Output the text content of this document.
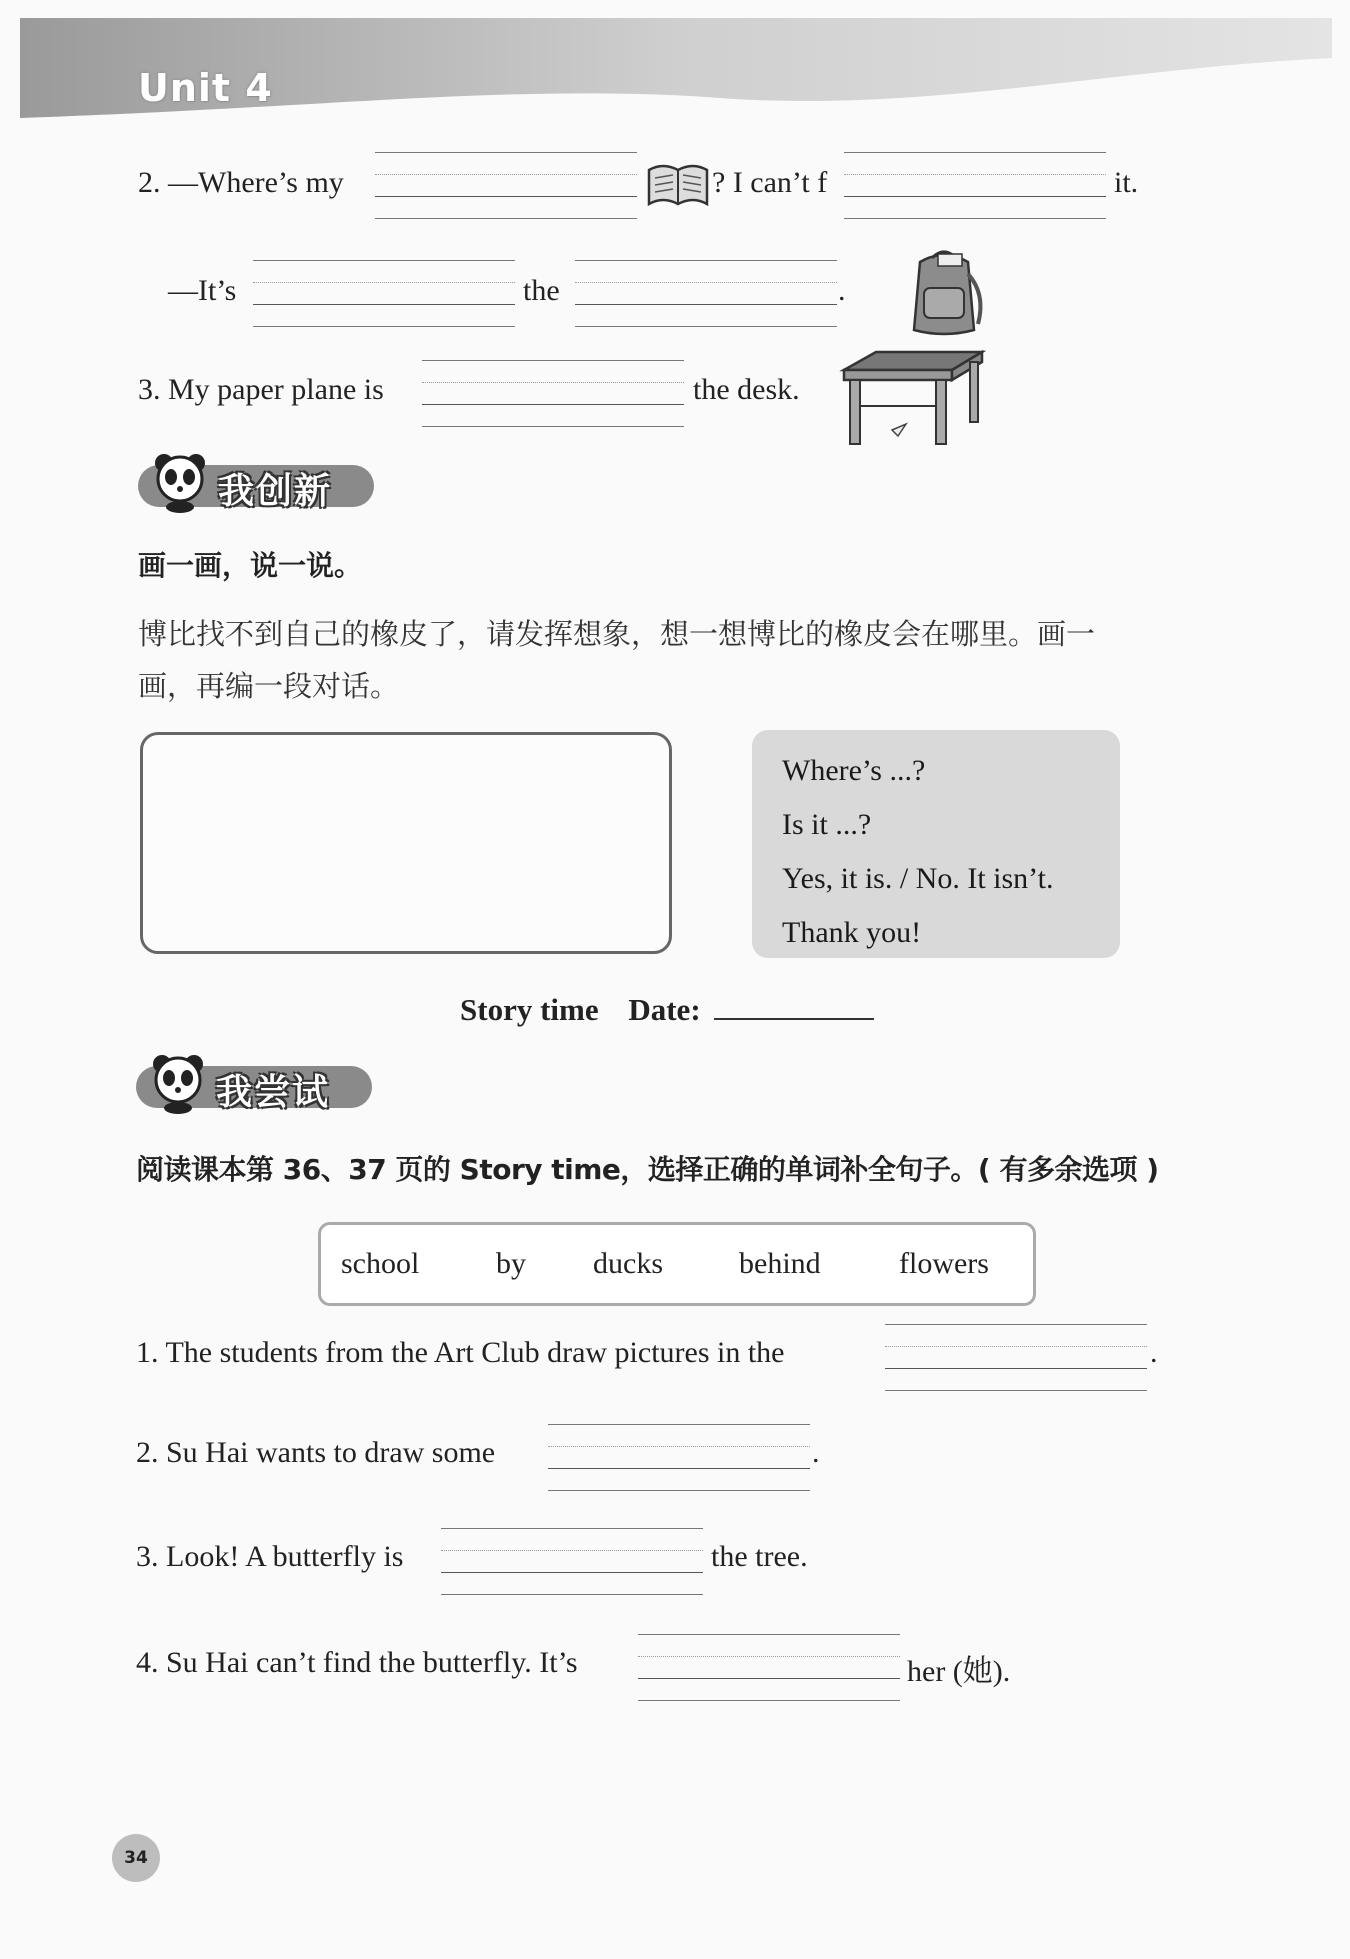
Unit 4
2. —Where’s my	? I can’t f	it.
—It’s	the	.
3. My paper plane is	the desk.
我创新
画一画，说一说。
博比找不到自己的橡皮了，请发挥想象，想一想博比的橡皮会在哪里。画一
画，再编一段对话。
Where’s ...?
Is it ...?
Yes, it is. / No. It isn’t.
Thank you!
Story time Date:
我尝试
阅读课本第 36、37 页的 Story time，选择正确的单词补全句子。( 有多余选项 )
school	by ducks	behind	flowers
1. The students from the Art Club draw pictures in the	.
2. Su Hai wants to draw some	.
3. Look! A butterfly is	the tree.
4. Su Hai can’t find the butterfly. It’s	her (她).
34
